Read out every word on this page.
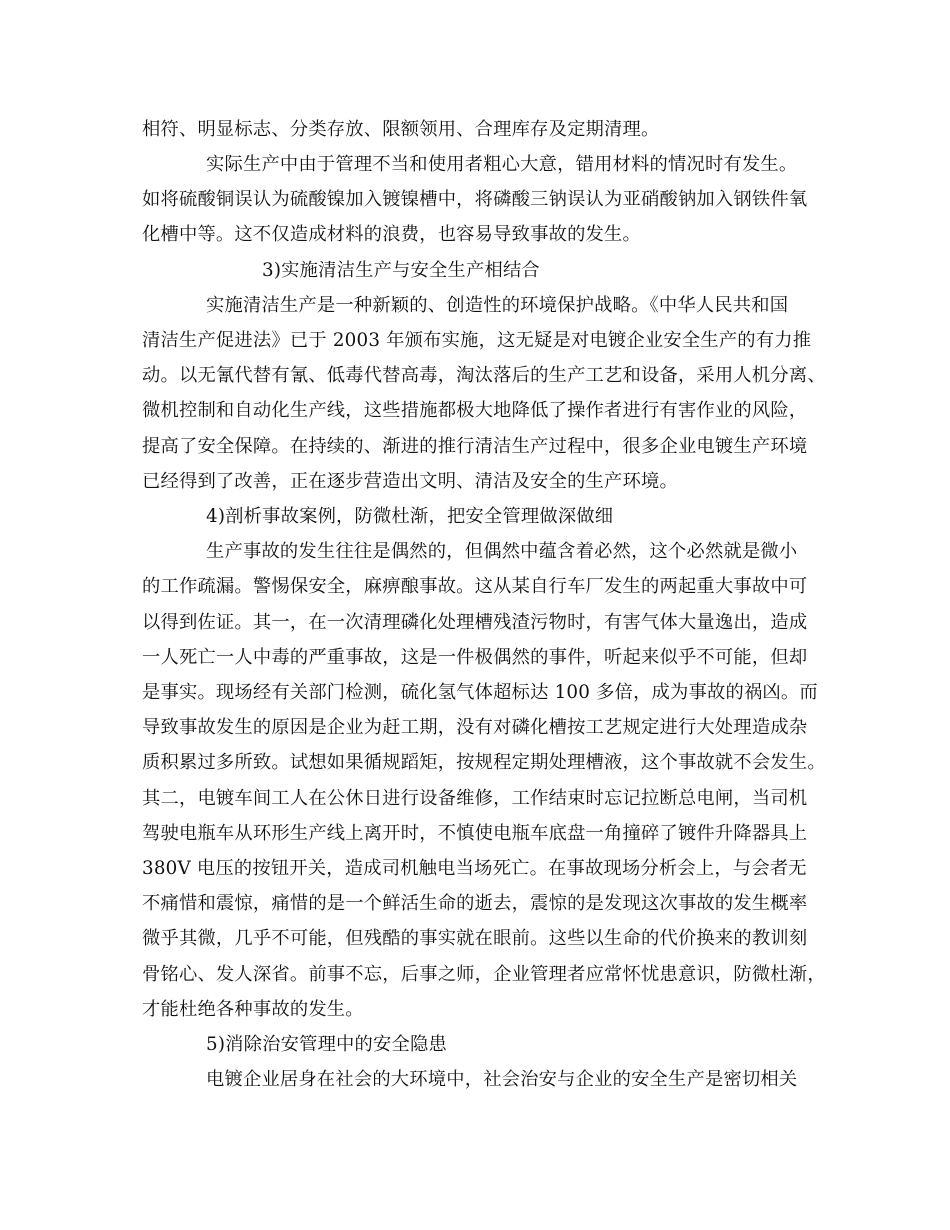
相符、明显标志、分类存放、限额领用、合理库存及定期清理。
实际生产中由于管理不当和使用者粗心大意，错用材料的情况时有发生。
如将硫酸铜误认为硫酸镍加入镀镍槽中，将磷酸三钠误认为亚硝酸钠加入钢铁件氧
化槽中等。这不仅造成材料的浪费，也容易导致事故的发生。
3)实施清洁生产与安全生产相结合
实施清洁生产是一种新颖的、创造性的环境保护战略。《中华人民共和国
清洁生产促进法》已于 2003 年颁布实施，这无疑是对电镀企业安全生产的有力推
动。以无氰代替有氰、低毒代替高毒，淘汰落后的生产工艺和设备，采用人机分离、
微机控制和自动化生产线，这些措施都极大地降低了操作者进行有害作业的风险，
提高了安全保障。在持续的、渐进的推行清洁生产过程中，很多企业电镀生产环境
已经得到了改善，正在逐步营造出文明、清洁及安全的生产环境。
4)剖析事故案例，防微杜渐，把安全管理做深做细
生产事故的发生往往是偶然的，但偶然中蕴含着必然，这个必然就是微小
的工作疏漏。警惕保安全，麻痹酿事故。这从某自行车厂发生的两起重大事故中可
以得到佐证。其一，在一次清理磷化处理槽残渣污物时，有害气体大量逸出，造成
一人死亡一人中毒的严重事故，这是一件极偶然的事件，听起来似乎不可能，但却
是事实。现场经有关部门检测，硫化氢气体超标达 100 多倍，成为事故的祸凶。而
导致事故发生的原因是企业为赶工期，没有对磷化槽按工艺规定进行大处理造成杂
质积累过多所致。试想如果循规蹈矩，按规程定期处理槽液，这个事故就不会发生。
其二，电镀车间工人在公休日进行设备维修，工作结束时忘记拉断总电闸，当司机
驾驶电瓶车从环形生产线上离开时，不慎使电瓶车底盘一角撞碎了镀件升降器具上
380V 电压的按钮开关，造成司机触电当场死亡。在事故现场分析会上，与会者无
不痛惜和震惊，痛惜的是一个鲜活生命的逝去，震惊的是发现这次事故的发生概率
微乎其微，几乎不可能，但残酷的事实就在眼前。这些以生命的代价换来的教训刻
骨铭心、发人深省。前事不忘，后事之师，企业管理者应常怀忧患意识，防微杜渐，
才能杜绝各种事故的发生。
5)消除治安管理中的安全隐患
电镀企业居身在社会的大环境中，社会治安与企业的安全生产是密切相关
